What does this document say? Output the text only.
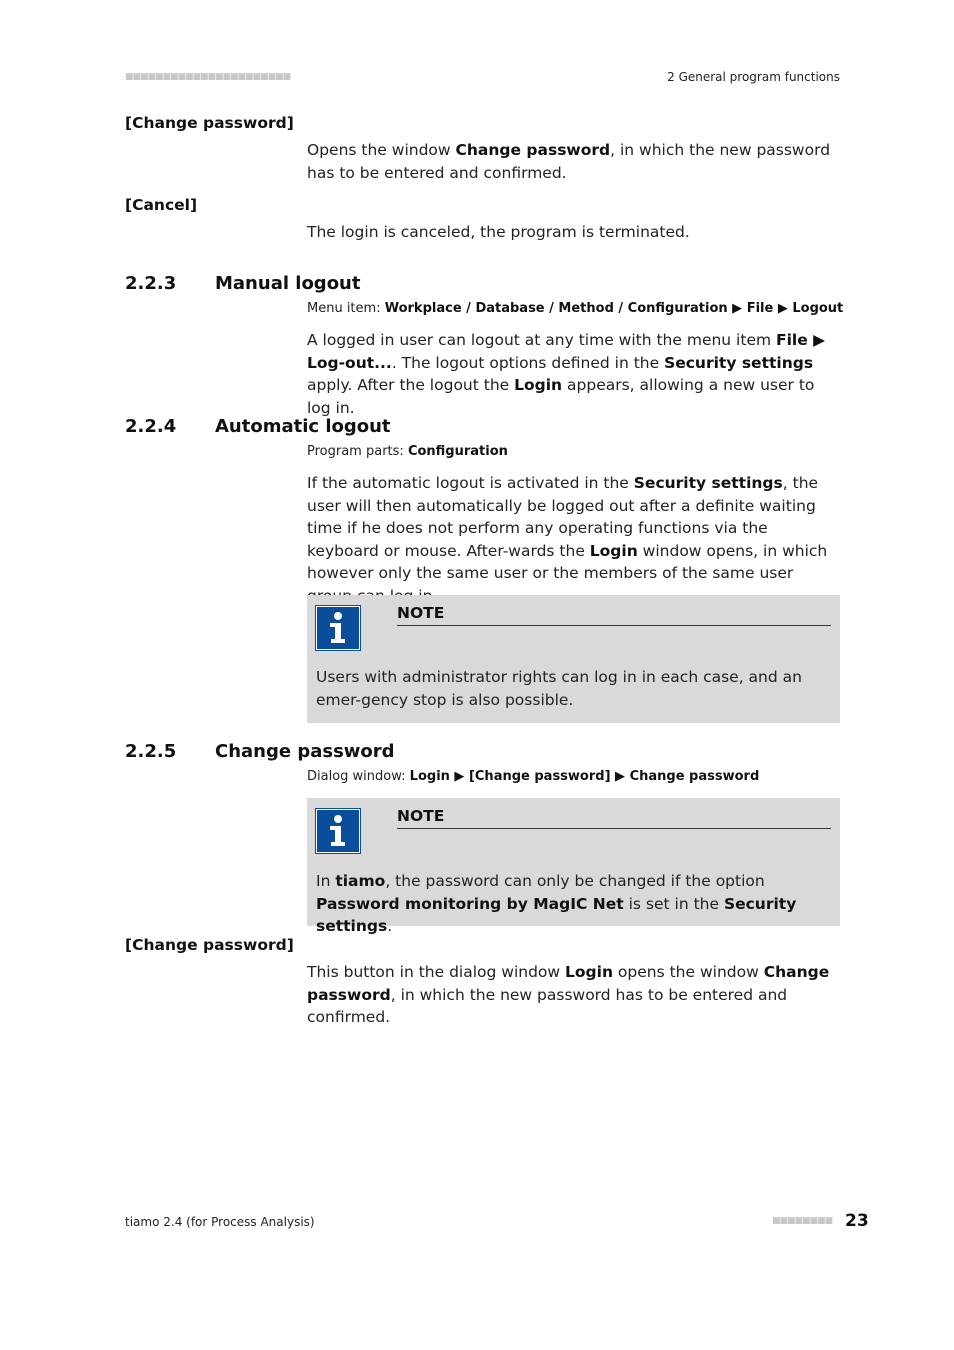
■■■■■■■■■■■■■■■■■■■■■■	2 General program functions
[Change password]
Opens the window Change password, in which the new password has to be entered and confirmed.
[Cancel]
The login is canceled, the program is terminated.
2.2.3 Manual logout
Menu item: Workplace / Database / Method / Configuration ▶ File ▶ Logout
A logged in user can logout at any time with the menu item File ▶ Log-out.... The logout options defined in the Security settings apply. After the logout the Login appears, allowing a new user to log in.
2.2.4 Automatic logout
Program parts: Configuration
If the automatic logout is activated in the Security settings, the user will then automatically be logged out after a definite waiting time if he does not perform any operating functions via the keyboard or mouse. After-wards the Login window opens, in which however only the same user or the members of the same user
NOTE
Users with administrator rights can log in in each case, and an emer-gency stop is also possible.
2.2.5 Change password
Dialog window: Login ▶ [Change password] ▶ Change password
NOTE
In tiamo, the password can only be changed if the option Password monitoring by MagIC Net is set in the Security settings.
[Change password]
This button in the dialog window Login opens the window Change password, in which the new password has to be entered and confirmed.
tiamo 2.4 (for Process Analysis)	■■■■■■■■ 23
